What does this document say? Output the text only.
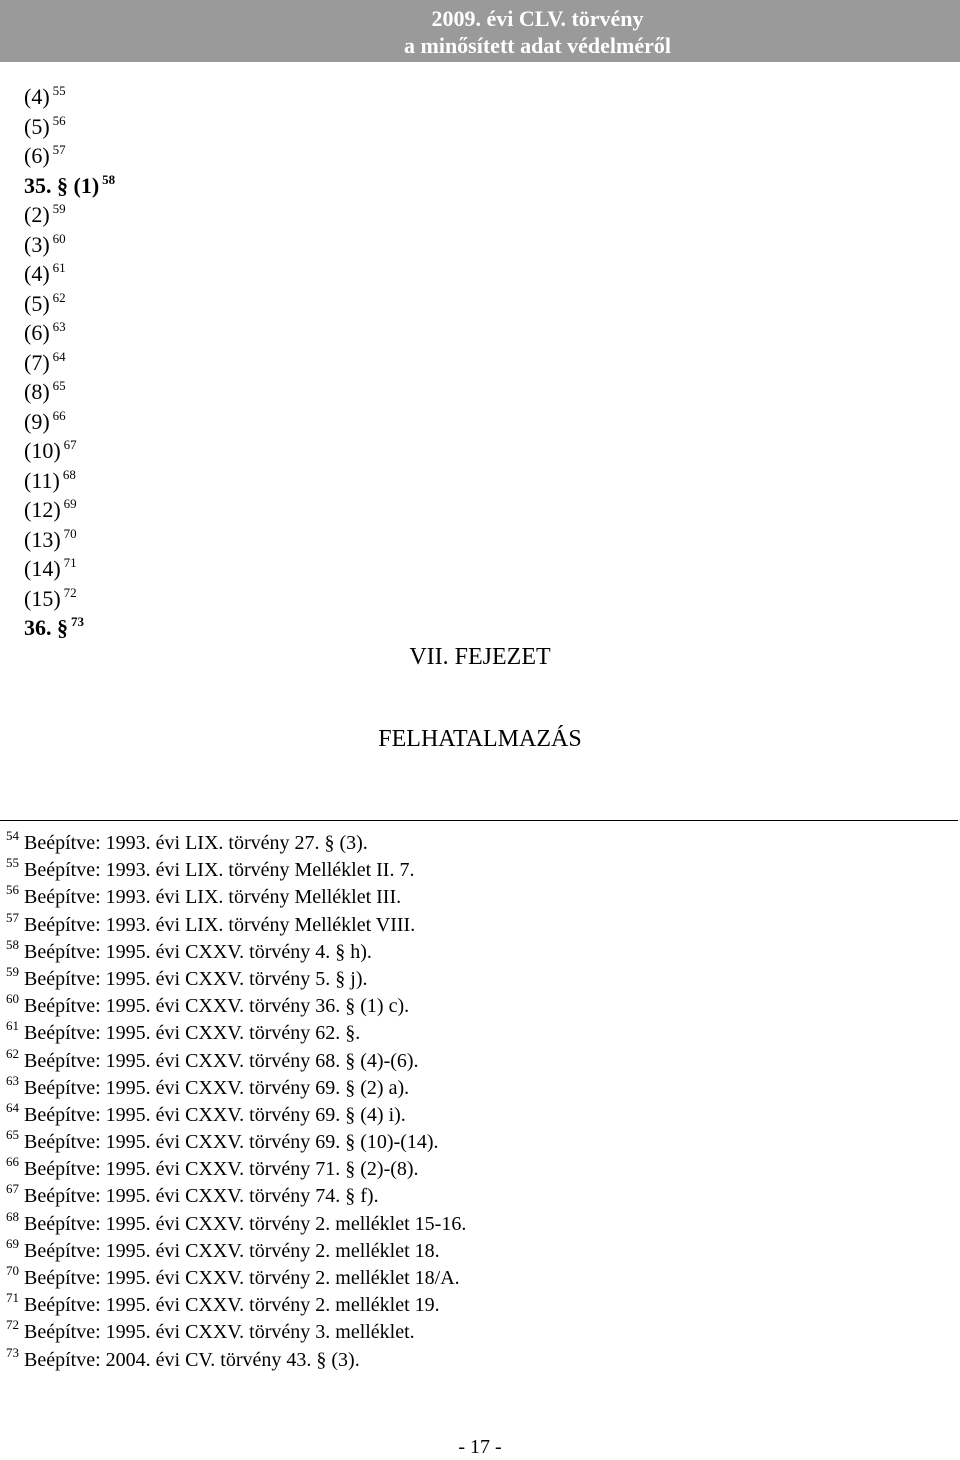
2009. évi CLV. törvény
a minősített adat védelméről
(4) $^{55}$
(5) $^{56}$
(6) $^{57}$
35. § (1) $^{58}$
(2) $^{59}$
(3) $^{60}$
(4) $^{61}$
(5) $^{62}$
(6) $^{63}$
(7) $^{64}$
(8) $^{65}$
(9) $^{66}$
(10) $^{67}$
(11) $^{68}$
(12) $^{69}$
(13) $^{70}$
(14) $^{71}$
(15) $^{72}$
36. § $^{73}$
VII. FEJEZET
FELHATALMAZÁS
$^{54}$ Beépítve: 1993. évi LIX. törvény 27. § (3).
$^{55}$ Beépítve: 1993. évi LIX. törvény Melléklet II. 7.
$^{56}$ Beépítve: 1993. évi LIX. törvény Melléklet III.
$^{57}$ Beépítve: 1993. évi LIX. törvény Melléklet VIII.
$^{58}$ Beépítve: 1995. évi CXXV. törvény 4. § h).
$^{59}$ Beépítve: 1995. évi CXXV. törvény 5. § j).
$^{60}$ Beépítve: 1995. évi CXXV. törvény 36. § (1) c).
$^{61}$ Beépítve: 1995. évi CXXV. törvény 62. §.
$^{62}$ Beépítve: 1995. évi CXXV. törvény 68. § (4)-(6).
$^{63}$ Beépítve: 1995. évi CXXV. törvény 69. § (2) a).
$^{64}$ Beépítve: 1995. évi CXXV. törvény 69. § (4) i).
$^{65}$ Beépítve: 1995. évi CXXV. törvény 69. § (10)-(14).
$^{66}$ Beépítve: 1995. évi CXXV. törvény 71. § (2)-(8).
$^{67}$ Beépítve: 1995. évi CXXV. törvény 74. § f).
$^{68}$ Beépítve: 1995. évi CXXV. törvény 2. melléklet 15-16.
$^{69}$ Beépítve: 1995. évi CXXV. törvény 2. melléklet 18.
$^{70}$ Beépítve: 1995. évi CXXV. törvény 2. melléklet 18/A.
$^{71}$ Beépítve: 1995. évi CXXV. törvény 2. melléklet 19.
$^{72}$ Beépítve: 1995. évi CXXV. törvény 3. melléklet.
$^{73}$ Beépítve: 2004. évi CV. törvény 43. § (3).
- 17 -
